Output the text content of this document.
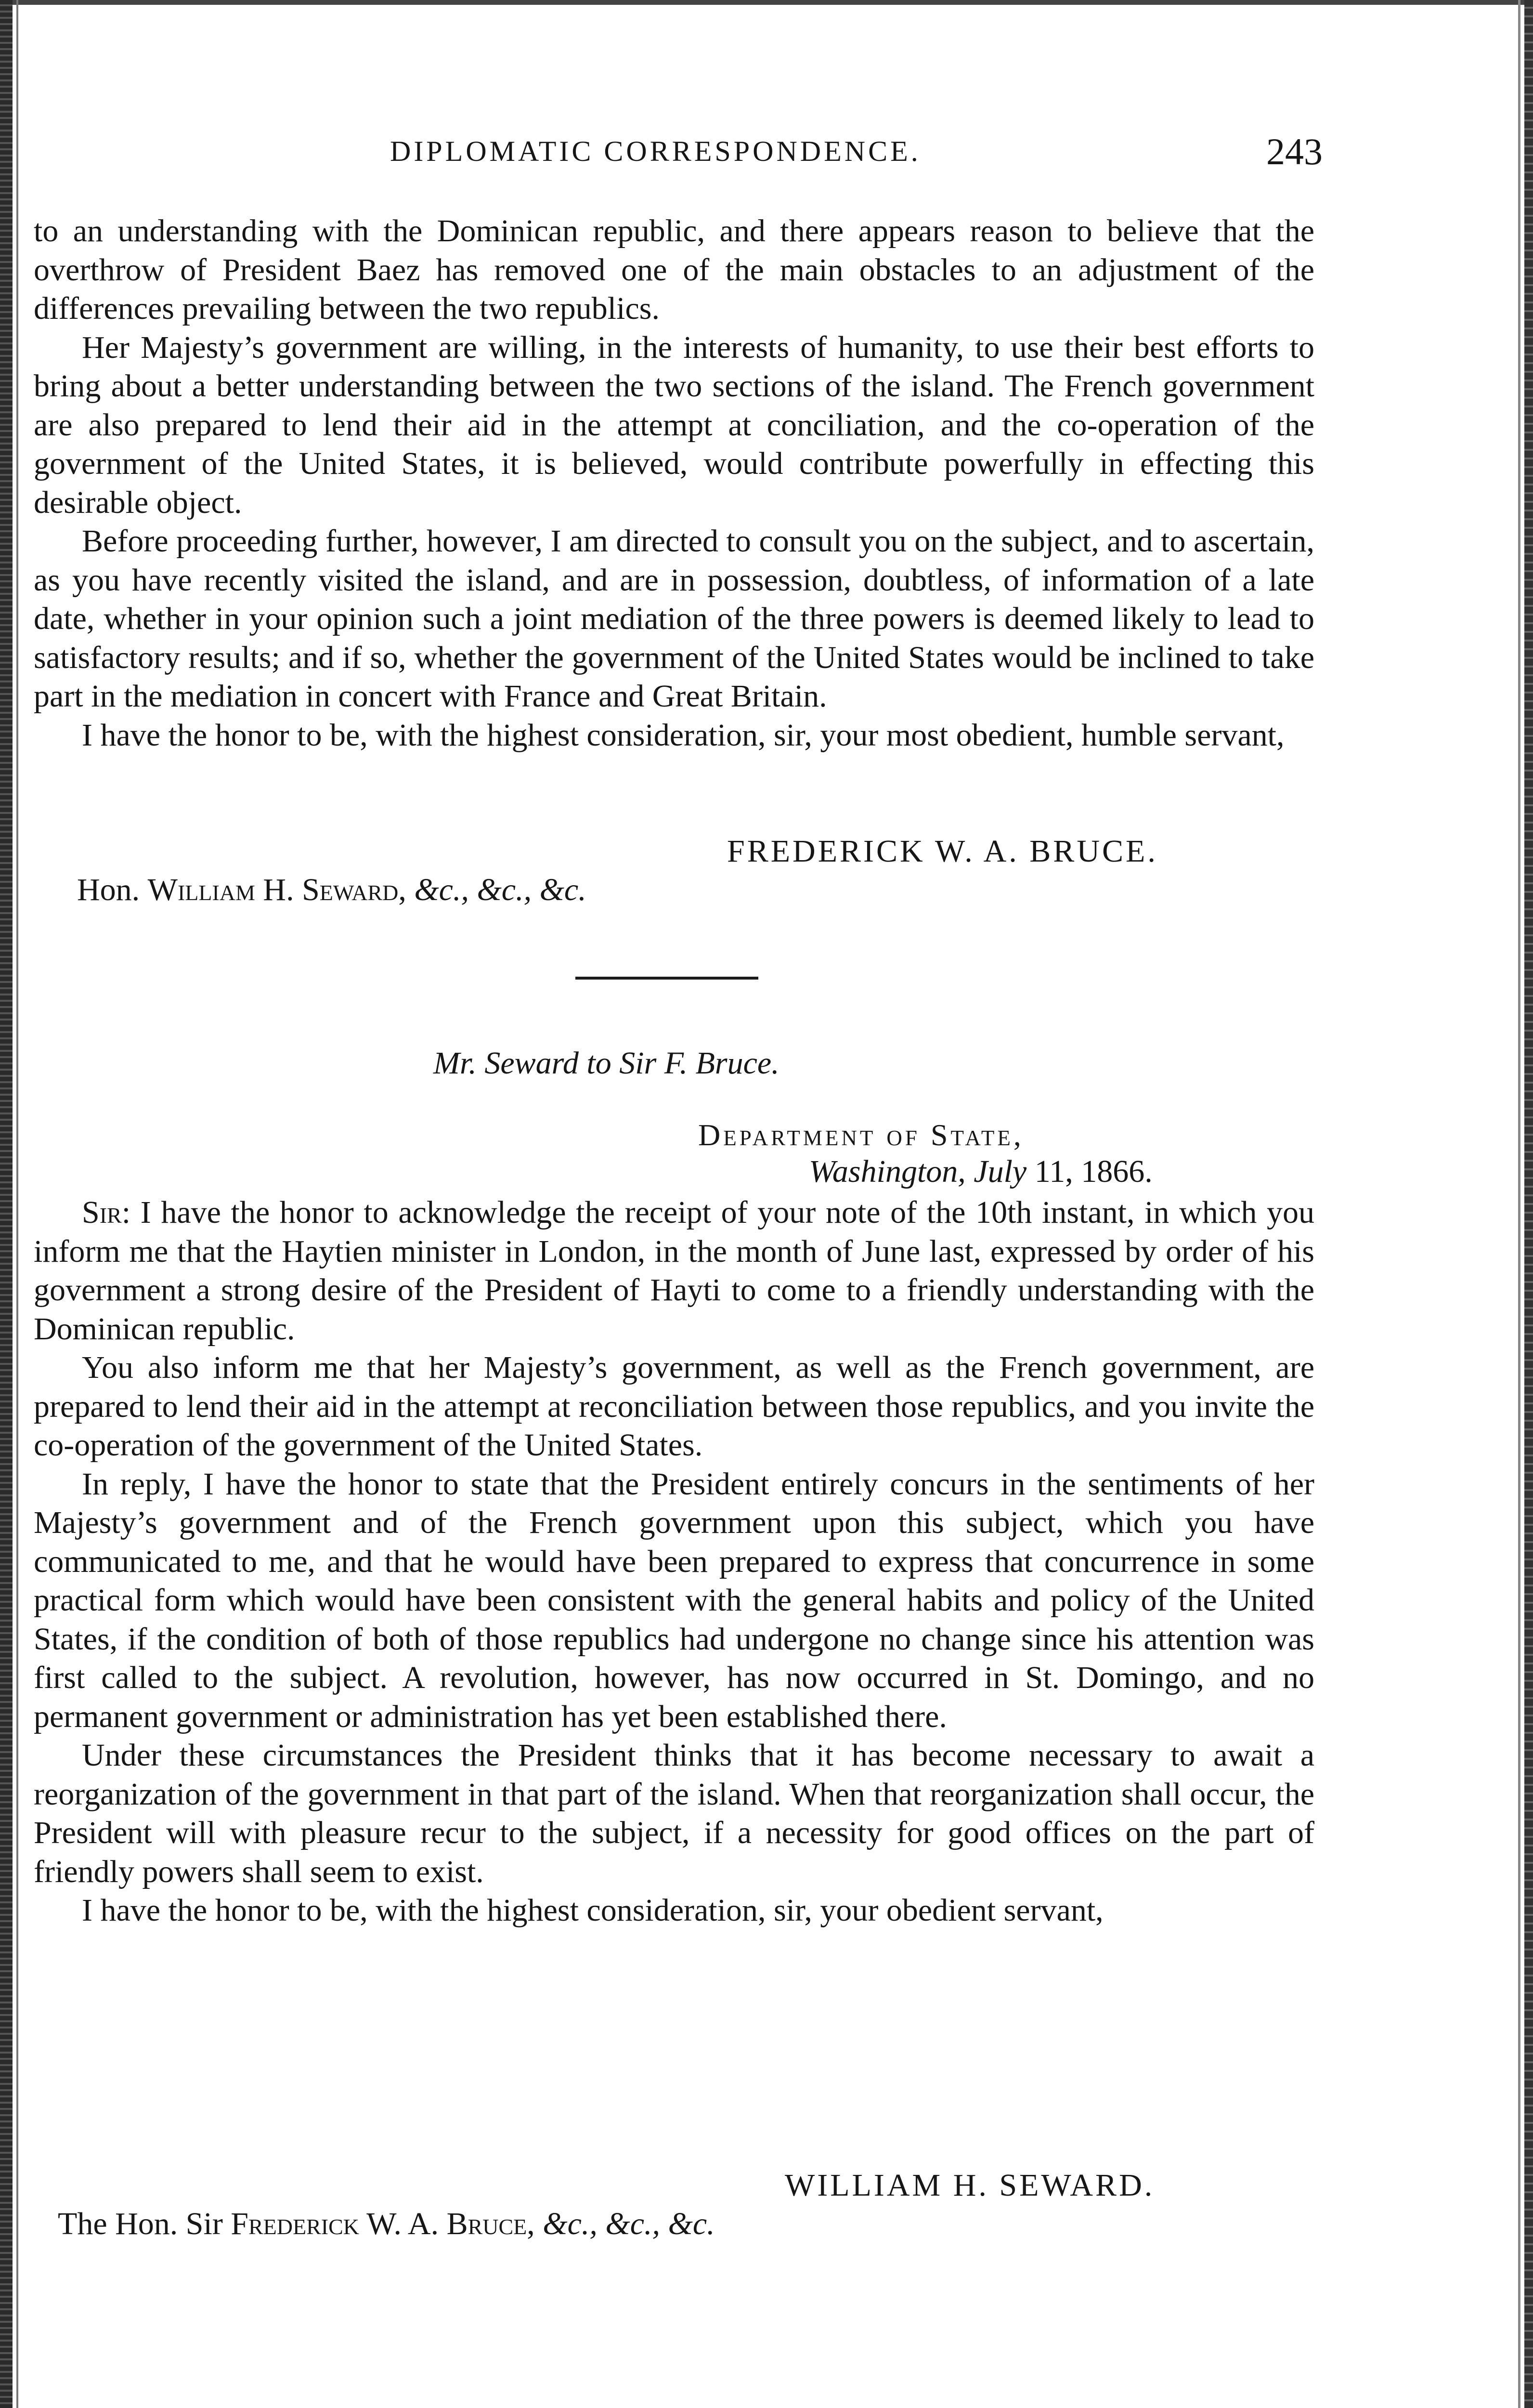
DIPLOMATIC CORRESPONDENCE.	243

to an understanding with the Dominican republic, and there appears reason to believe that the overthrow of President Baez has removed one of the main obstacles to an adjustment of the differences prevailing between the two republics.

Her Majesty’s government are willing, in the interests of humanity, to use their best efforts to bring about a better understanding between the two sections of the island. The French government are also prepared to lend their aid in the attempt at conciliation, and the co-operation of the government of the United States, it is believed, would contribute powerfully in effecting this desirable object.

Before proceeding further, however, I am directed to consult you on the subject, and to ascertain, as you have recently visited the island, and are in possession, doubtless, of information of a late date, whether in your opinion such a joint mediation of the three powers is deemed likely to lead to satisfactory results; and if so, whether the government of the United States would be inclined to take part in the mediation in concert with France and Great Britain.

I have the honor to be, with the highest consideration, sir, your most obedient, humble servant,

FREDERICK W. A. BRUCE.
Hon. William H. Seward, &c., &c., &c.
Mr. Seward to Sir F. Bruce.
Department of State,
Washington, July 11, 1866.

Sir: I have the honor to acknowledge the receipt of your note of the 10th instant, in which you inform me that the Haytien minister in London, in the month of June last, expressed by order of his government a strong desire of the President of Hayti to come to a friendly understanding with the Dominican republic.

You also inform me that her Majesty’s government, as well as the French government, are prepared to lend their aid in the attempt at reconciliation between those republics, and you invite the co-operation of the government of the United States.

In reply, I have the honor to state that the President entirely concurs in the sentiments of her Majesty’s government and of the French government upon this subject, which you have communicated to me, and that he would have been prepared to express that concurrence in some practical form which would have been consistent with the general habits and policy of the United States, if the condition of both of those republics had undergone no change since his attention was first called to the subject. A revolution, however, has now occurred in St. Domingo, and no permanent government or administration has yet been established there.

Under these circumstances the President thinks that it has become necessary to await a reorganization of the government in that part of the island. When that reorganization shall occur, the President will with pleasure recur to the subject, if a necessity for good offices on the part of friendly powers shall seem to exist.

I have the honor to be, with the highest consideration, sir, your obedient servant,

WILLIAM H. SEWARD.
The Hon. Sir Frederick W. A. Bruce, &c., &c., &c.
